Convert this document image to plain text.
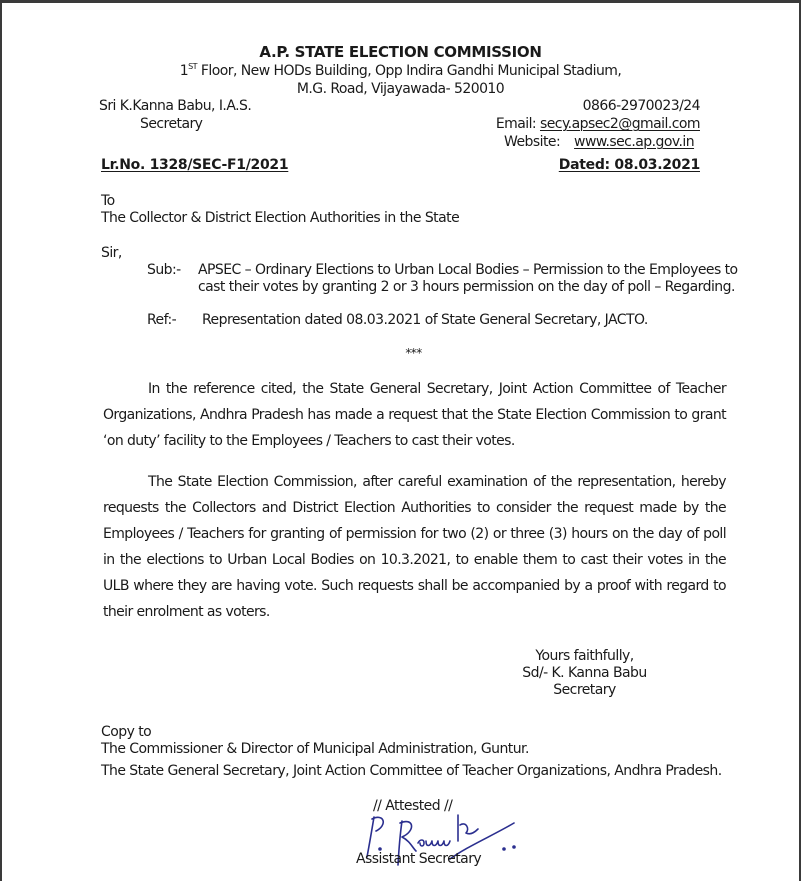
A.P. STATE ELECTION COMMISSION
1ST Floor, New HODs Building, Opp Indira Gandhi Municipal Stadium,
M.G. Road, Vijayawada- 520010
Sri K.Kanna Babu, I.A.S.
Secretary
0866-2970023/24
Email: secy.apsec2@gmail.com
Website: www.sec.ap.gov.in
Lr.No. 1328/SEC-F1/2021	Dated: 08.03.2021
To
The Collector & District Election Authorities in the State
Sir,
Sub:- APSEC – Ordinary Elections to Urban Local Bodies – Permission to the Employees to
cast their votes by granting 2 or 3 hours permission on the day of poll – Regarding.
Ref:- Representation dated 08.03.2021 of State General Secretary, JACTO.
***

In the reference cited, the State General Secretary, Joint Action Committee of Teacher Organizations, Andhra Pradesh has made a request that the State Election Commission to grant ‘on duty’ facility to the Employees / Teachers to cast their votes.

The State Election Commission, after careful examination of the representation, hereby requests the Collectors and District Election Authorities to consider the request made by the Employees / Teachers for granting of permission for two (2) or three (3) hours on the day of poll in the elections to Urban Local Bodies on 10.3.2021, to enable them to cast their votes in the ULB where they are having vote. Such requests shall be accompanied by a proof with regard to their enrolment as voters.

Yours faithfully,
Sd/- K. Kanna Babu
Secretary
Copy to
The Commissioner & Director of Municipal Administration, Guntur.
The State General Secretary, Joint Action Committee of Teacher Organizations, Andhra Pradesh.
// Attested //
Assistant Secretary
